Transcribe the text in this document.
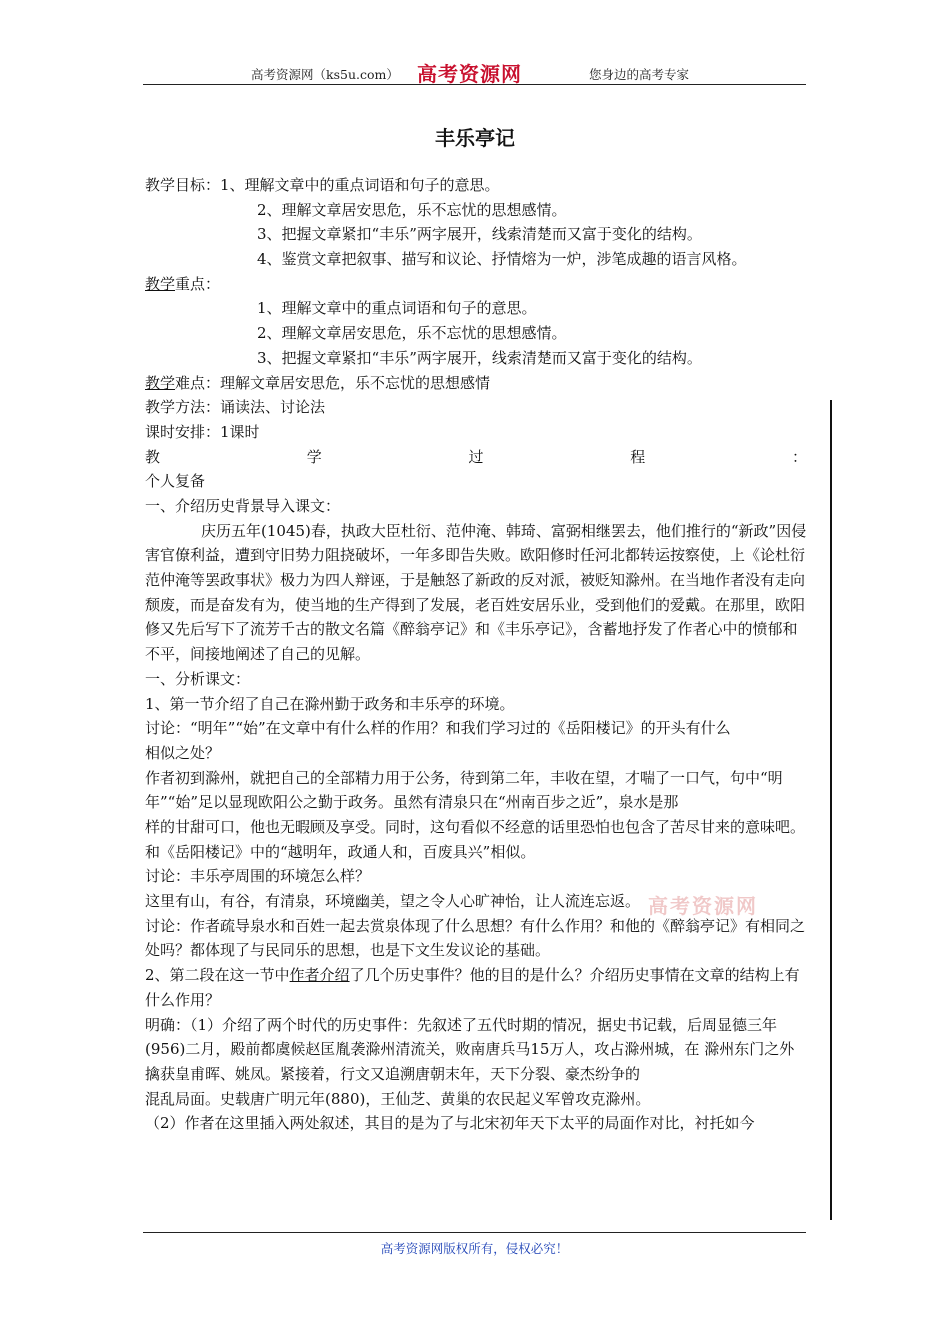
高考资源网（ks5u.com） 高考资源网	您身边的高考专家
丰乐亭记
教学目标：1、理解文章中的重点词语和句子的意思。
2、理解文章居安思危，乐不忘忧的思想感情。
3、把握文章紧扣“丰乐”两字展开，线索清楚而又富于变化的结构。
4、鉴赏文章把叙事、描写和议论、抒情熔为一炉，涉笔成趣的语言风格。
教学重点：
1、理解文章中的重点词语和句子的意思。
2、理解文章居安思危，乐不忘忧的思想感情。
3、把握文章紧扣“丰乐”两字展开，线索清楚而又富于变化的结构。
教学难点：理解文章居安思危，乐不忘忧的思想感情
教学方法：诵读法、讨论法
课时安排：1课时
教	学	过	程	：
个人复备
一、介绍历史背景导入课文：
庆历五年(1045)春，执政大臣杜衍、范仲淹、韩琦、富弼相继罢去，他们推行的“新政”因侵害官僚利益，遭到守旧势力阻挠破坏，一年多即告失败。欧阳修时任河北都转运按察使，上《论杜衍范仲淹等罢政事状》极力为四人辩诬，于是触怒了新政的反对派，被贬知滁州。在当地作者没有走向颓废，而是奋发有为，使当地的生产得到了发展，老百姓安居乐业，受到他们的爱戴。在那里，欧阳修又先后写下了流芳千古的散文名篇《醉翁亭记》和《丰乐亭记》，含蓄地抒发了作者心中的愤郁和不平，间接地阐述了自己的见解。
一、分析课文：
1、第一节介绍了自己在滁州勤于政务和丰乐亭的环境。
讨论：“明年”“始”在文章中有什么样的作用？和我们学习过的《岳阳楼记》的开头有什么
相似之处？
作者初到滁州，就把自己的全部精力用于公务，待到第二年，丰收在望，才喘了一口气，句中“明年”“始”足以显现欧阳公之勤于政务。虽然有清泉只在“州南百步之近”，泉水是那
样的甘甜可口，他也无暇顾及享受。同时，这句看似不经意的话里恐怕也包含了苦尽甘来的意味吧。和《岳阳楼记》中的“越明年，政通人和，百废具兴”相似。
讨论：丰乐亭周围的环境怎么样？
这里有山，有谷，有清泉，环境幽美，望之令人心旷神怡，让人流连忘返。
讨论：作者疏导泉水和百姓一起去赏泉体现了什么思想？有什么作用？和他的《醉翁亭记》有相同之处吗？都体现了与民同乐的思想，也是下文生发议论的基础。
2、第二段在这一节中作者介绍了几个历史事件？他的目的是什么？介绍历史事情在文章的结构上有什么作用？
明确：（1）介绍了两个时代的历史事件：先叙述了五代时期的情况，据史书记载，后周显德三年(956)二月，殿前都虞候赵匡胤袭滁州清流关，败南唐兵马15万人，攻占滁州城，在 滁州东门之外擒获皇甫晖、姚凤。紧接着，行文又追溯唐朝末年，天下分裂、豪杰纷争的
混乱局面。史载唐广明元年(880)，王仙芝、黄巢的农民起义军曾攻克滁州。
（2）作者在这里插入两处叙述，其目的是为了与北宋初年天下太平的局面作对比，衬托如今
高考资源网
高考资源网版权所有，侵权必究！
